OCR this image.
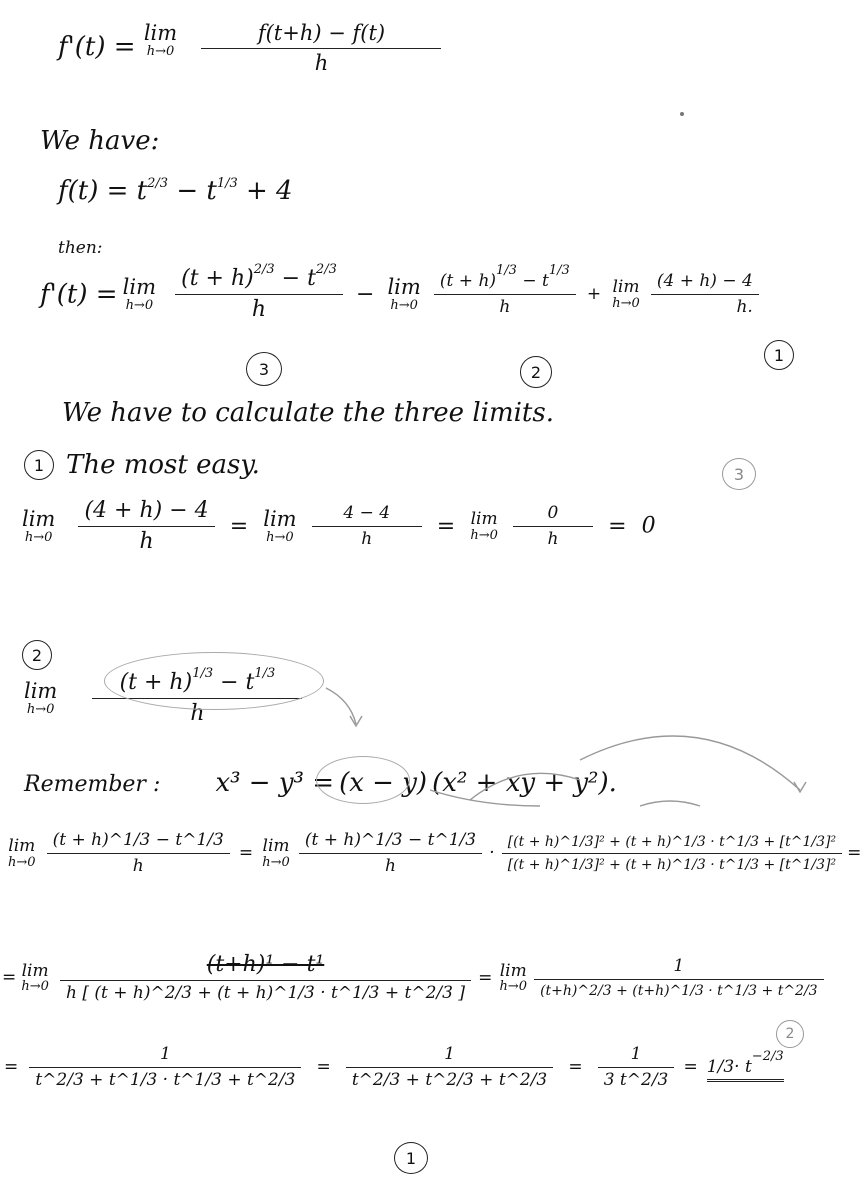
f'(t) = lim
h→0
$\frac{f(t+h) - f(t)}{h}$
We have:
$f(t) = t^{2/3} - t^{1/3} + 4$
then:
f'(t) = lim
h→0
$\frac{(t + h)^{2/3} - t^{2/3}}{h} - \lim$
h→0
$\frac{(t + h)^{1/3} - t^{1/3}}{h} + \lim$
h→0
$\frac{(4 + h) - 4}{h.}$
3	2
1
We have to calculate the three limits.
1 The most easy.	3
lim
h→0
$\frac{(4 + h) - 4}{h} = \lim$
h→0
$\frac{4 - 4}{h} = \lim$
h→0
$\frac{0}{h} = 0$
2
lim
h→0
$\frac{(t + h)^{1/3} - t^{1/3}}{h}$
Remember : x³ − y³ = (x − y) (x² + xy + y²).
lim
h→0
$\frac{(t + h)\^{}1/3 - t\^{}1/3}{h} = \lim$
h→0
$\frac{(t + h)\^{}1/3 - t\^{}1/3}{h} \cdot \frac{\text{[(t + h)\textasciicircum{}1/3]² + (t + h)\textasciicircum{}1/3 · t\textasciicircum{}1/3 + [t\textasciicircum{}1/3]²}}{\text{[(t + h)\textasciicircum{}1/3]² + (t + h)\textasciicircum{}1/3 · t\textasciicircum{}1/3 + [t\textasciicircum{}1/3]²}}$ =
= lim
h→0
$\frac{\text{(t+h)¹ − t¹}}{h [ (t + h)\^{}2/3 + (t + h)\^{}1/3 \cdot t\^{}1/3 + t\^{}2/3 ]} = \lim$
h→0
$\frac{1}{(t+h)\^{}2/3 + (t+h)\^{}1/3 \cdot t\^{}1/3 + t\^{}2/3}$
= $\frac{1}{t\^{}2/3 + t\^{}1/3 \cdot t\^{}1/3 + t\^{}2/3} = \frac{1}{t\^{}2/3 + t\^{}2/3 + t\^{}2/3} = \frac{1}{3 t\^{}2/3} = 1/3\cdot t^{-2/3}$
2
1
